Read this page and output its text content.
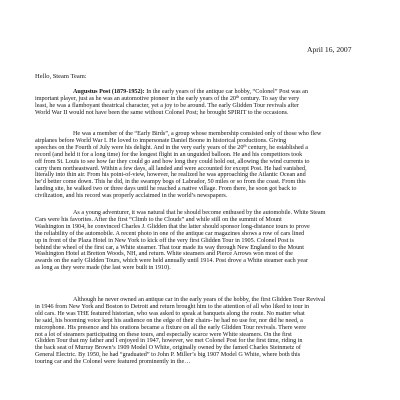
April 16, 2007
Hello, Steam Team:
Augustus Post (1879-1952): In the early years of the antique car hobby, “Colonel” Post was an
important player, just as he was an automotive pioneer in the early years of the 20th century. To say the very
least, he was a flamboyant theatrical character, yet a joy to be around. The early Glidden Tour revivals after
World War II would not have been the same without Colonel Post; he brought SPIRIT to the occasions.
He was a member of the “Early Birds”, a group whose membership consisted only of those who flew
airplanes before World War I. He loved to impersonate Daniel Boone in historical productions. Giving
speeches on the Fourth of July were his delight. And in the very early years of the 20th century, he established a
record (and held it for a long time) for the longest flight in an unguided balloon. He and his competitors took
off from St. Louis to see how far they could go and how long they could hold out, allowing the wind currents to
carry them northeastward. Within a few days, all landed and were accounted for except Post. He had vanished,
literally into thin air. From his point-of-view, however, he realized he was approaching the Atlantic Ocean and
he’d better come down. This he did, in the swampy bogs of Labrador, 50 miles or so from the coast. From this
landing site, he walked two or three days until he reached a native village. From there, he soon got back to
civilization, and his record was properly acclaimed in the world’s newspapers.
As a young adventurer, it was natural that he should become enthused by the automobile. White Steam
Cars were his favorites. After the first “Climb to the Clouds” and while still on the summit of Mount
Washington in 1904, he convinced Charles J. Glidden that the latter should sponsor long-distance tours to prove
the reliability of the automobile. A recent photo in one of the antique car magazines shows a row of cars lined
up in front of the Plaza Hotel in New York to kick off the very first Glidden Tour in 1905. Colonel Post is
behind the wheel of the first car, a White steamer. That tour made its way through New England to the Mount
Washington Hotel at Bretton Woods, NH, and return. White steamers and Pierce Arrows won most of the
awards on the early Glidden Tours, which were held annually until 1914. Post drove a White steamer each year
as long as they were made (the last were built in 1910).
Although he never owned an antique car in the early years of the hobby, the first Glidden Tour Revival
in 1946 from New York and Boston to Detroit and return brought him to the attention of all who liked to tour in
old cars. He was THE featured historian, who was asked to speak at banquets along the route. No matter what
he said, his booming voice kept his audience on the edge of their chairs- he had no use for, nor did he need, a
microphone. His presence and his orations became a fixture on all the early Glidden Tour revivals. There were
not a lot of steamers participating on these tours, and especially scarce were White steamers. On the first
Glidden Tour that my father and I enjoyed in 1947, however, we met Colonel Post for the first time, riding in
the back seat of Murray Brown’s 1909 Model O White, originally owned by the famed Charles Steinmetz of
General Electric. By 1950, he had “graduated” to John P. Miller’s big 1907 Model G White, where both this
touring car and the Colonel were featured prominently in the…
